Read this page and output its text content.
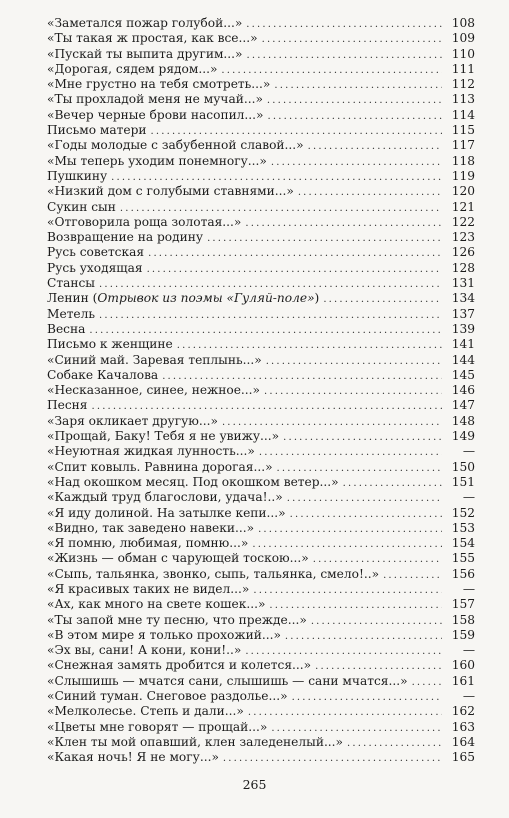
«Заметался пожар голубой...» . . .	108
«Ты такая ж простая, как все...» . . .	109
«Пускай ты выпита другим...» . . .	110
«Дорогая, сядем рядом...» . . .	111
«Мне грустно на тебя смотреть...» . . .	112
«Ты прохладой меня не мучай...» . . .	113
«Вечер черные брови насопил...» . . .	114
Письмо матери . . .	115
«Годы молодые с забубенной славой...» . . .	117
«Мы теперь уходим понемногу...» . . .	118
Пушкину . . .	119
«Низкий дом с голубыми ставнями...» . . .	120
Сукин сын . . .	121
«Отговорила роща золотая...» . . .	122
Возвращение на родину . . .	123
Русь советская . . .	126
Русь уходящая . . .	128
Стансы . . .	131
Ленин (Отрывок из поэмы «Гуляй-поле») . . .	134
Метель . . .	137
Весна . . .	139
Письмо к женщине . . .	141
«Синий май. Заревая теплынь...» . . .	144
Собаке Качалова . . .	145
«Несказанное, синее, нежное...» . . .	146
Песня . . .	147
«Заря окликает другую...» . . .	148
«Прощай, Баку! Тебя я не увижу...» . . .	149
«Неуютная жидкая лунность...» . . .	—
«Спит ковыль. Равнина дорогая...» . . .	150
«Над окошком месяц. Под окошком ветер...» . . .	151
«Каждый труд благослови, удача!..» . . .	—
«Я иду долиной. На затылке кепи...» . . .	152
«Видно, так заведено навеки...» . . .	153
«Я помню, любимая, помню...» . . .	154
«Жизнь — обман с чарующей тоскою...» . . .	155
«Сыпь, тальянка, звонко, сыпь, тальянка, смело!..» . . .	156
«Я красивых таких не видел...» . . .	—
«Ах, как много на свете кошек...» . . .	157
«Ты запой мне ту песню, что прежде...» . . .	158
«В этом мире я только прохожий...» . . .	159
«Эх вы, сани! А кони, кони!..» . . .	—
«Снежная замять дробится и колется...» . . .	160
«Слышишь — мчатся сани, слышишь — сани мчатся...» . . .	161
«Синий туман. Снеговое раздолье...» . . .	—
«Мелколесье. Степь и дали...» . . .	162
«Цветы мне говорят — прощай...» . . .	163
«Клен ты мой опавший, клен заледенелый...» . . .	164
«Какая ночь! Я не могу...» . . .	165
265
